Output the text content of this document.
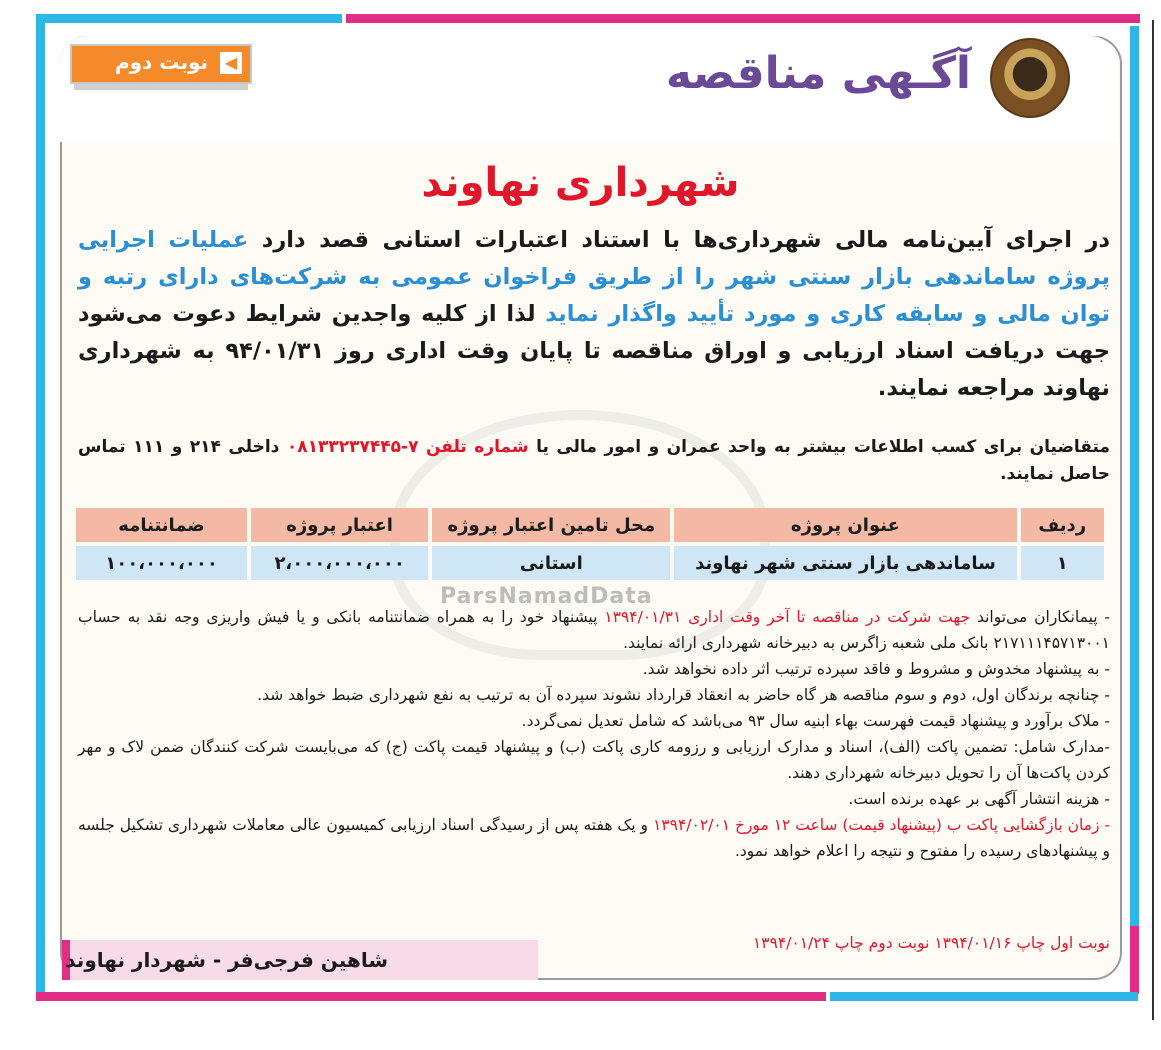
ParsNamadData
آگـهی مناقصه
◀
نوبت دوم
شهرداری نهاوند
در اجرای آیین‌نامه مالی شهرداری‌ها با استناد اعتبارات استانی قصد دارد عملیات اجرایی پروژه ساماندهی بازار سنتی شهر را از طریق فراخوان عمومی به شرکت‌های دارای رتبه و توان مالی و سابقه کاری و مورد تأیید واگذار نماید لذا از کلیه واجدین شرایط دعوت می‌شود جهت دریافت اسناد ارزیابی و اوراق مناقصه تا پایان وقت اداری روز ۹۴/۰۱/۳۱ به شهرداری نهاوند مراجعه نمایند.
متقاضیان برای کسب اطلاعات بیشتر به واحد عمران و امور مالی یا شماره تلفن ۷-۰۸۱۳۳۲۳۷۴۴۵ داخلی ۲۱۴ و ۱۱۱ تماس حاصل نمایند.
ردیف	عنوان پروژه	محل تامین اعتبار پروژه	اعتبار پروژه	ضمانتنامه
۱	ساماندهی بازار سنتی شهر نهاوند	استانی	۲،۰۰۰،۰۰۰،۰۰۰	۱۰۰،۰۰۰،۰۰۰

- پیمانکاران می‌تواند جهت شرکت در مناقصه تا آخر وقت اداری ۱۳۹۴/۰۱/۳۱ پیشنهاد خود را به همراه ضمانتنامه بانکی و یا فیش واریزی وجه نقد به حساب ۲۱۷۱۱۱۴۵۷۱۳۰۰۱ بانک ملی شعبه زاگرس به دبیرخانه شهرداری ارائه نمایند.

- به پیشنهاد مخدوش و مشروط و فاقد سپرده ترتیب اثر داده نخواهد شد.

- چنانچه برندگان اول، دوم و سوم مناقصه هر گاه حاضر به انعقاد قرارداد نشوند سپرده آن به ترتیب به نفع شهرداری ضبط خواهد شد.

- ملاک برآورد و پیشنهاد قیمت فهرست بهاء ابنیه سال ۹۳ می‌باشد که شامل تعدیل نمی‌گردد.

-مدارک شامل: تضمین پاکت (الف)، اسناد و مدارک ارزیابی و رزومه کاری پاکت (ب) و پیشنهاد قیمت پاکت (ج) که می‌بایست شرکت کنندگان ضمن لاک و مهر کردن پاکت‌ها آن را تحویل دبیرخانه شهرداری دهند.

- هزینه انتشار آگهی بر عهده برنده است.

- زمان بازگشایی پاکت ب (پیشنهاد قیمت) ساعت ۱۲ مورخ ۱۳۹۴/۰۲/۰۱ و یک هفته پس از رسیدگی اسناد ارزیابی کمیسیون عالی معاملات شهرداری تشکیل جلسه و پیشنهادهای رسیده را مفتوح و نتیجه را اعلام خواهد نمود.

نوبت اول چاپ ۱۳۹۴/۰۱/۱۶ نوبت دوم چاپ ۱۳۹۴/۰۱/۲۴
شاهین فرجی‌فر - شهردار نهاوند
